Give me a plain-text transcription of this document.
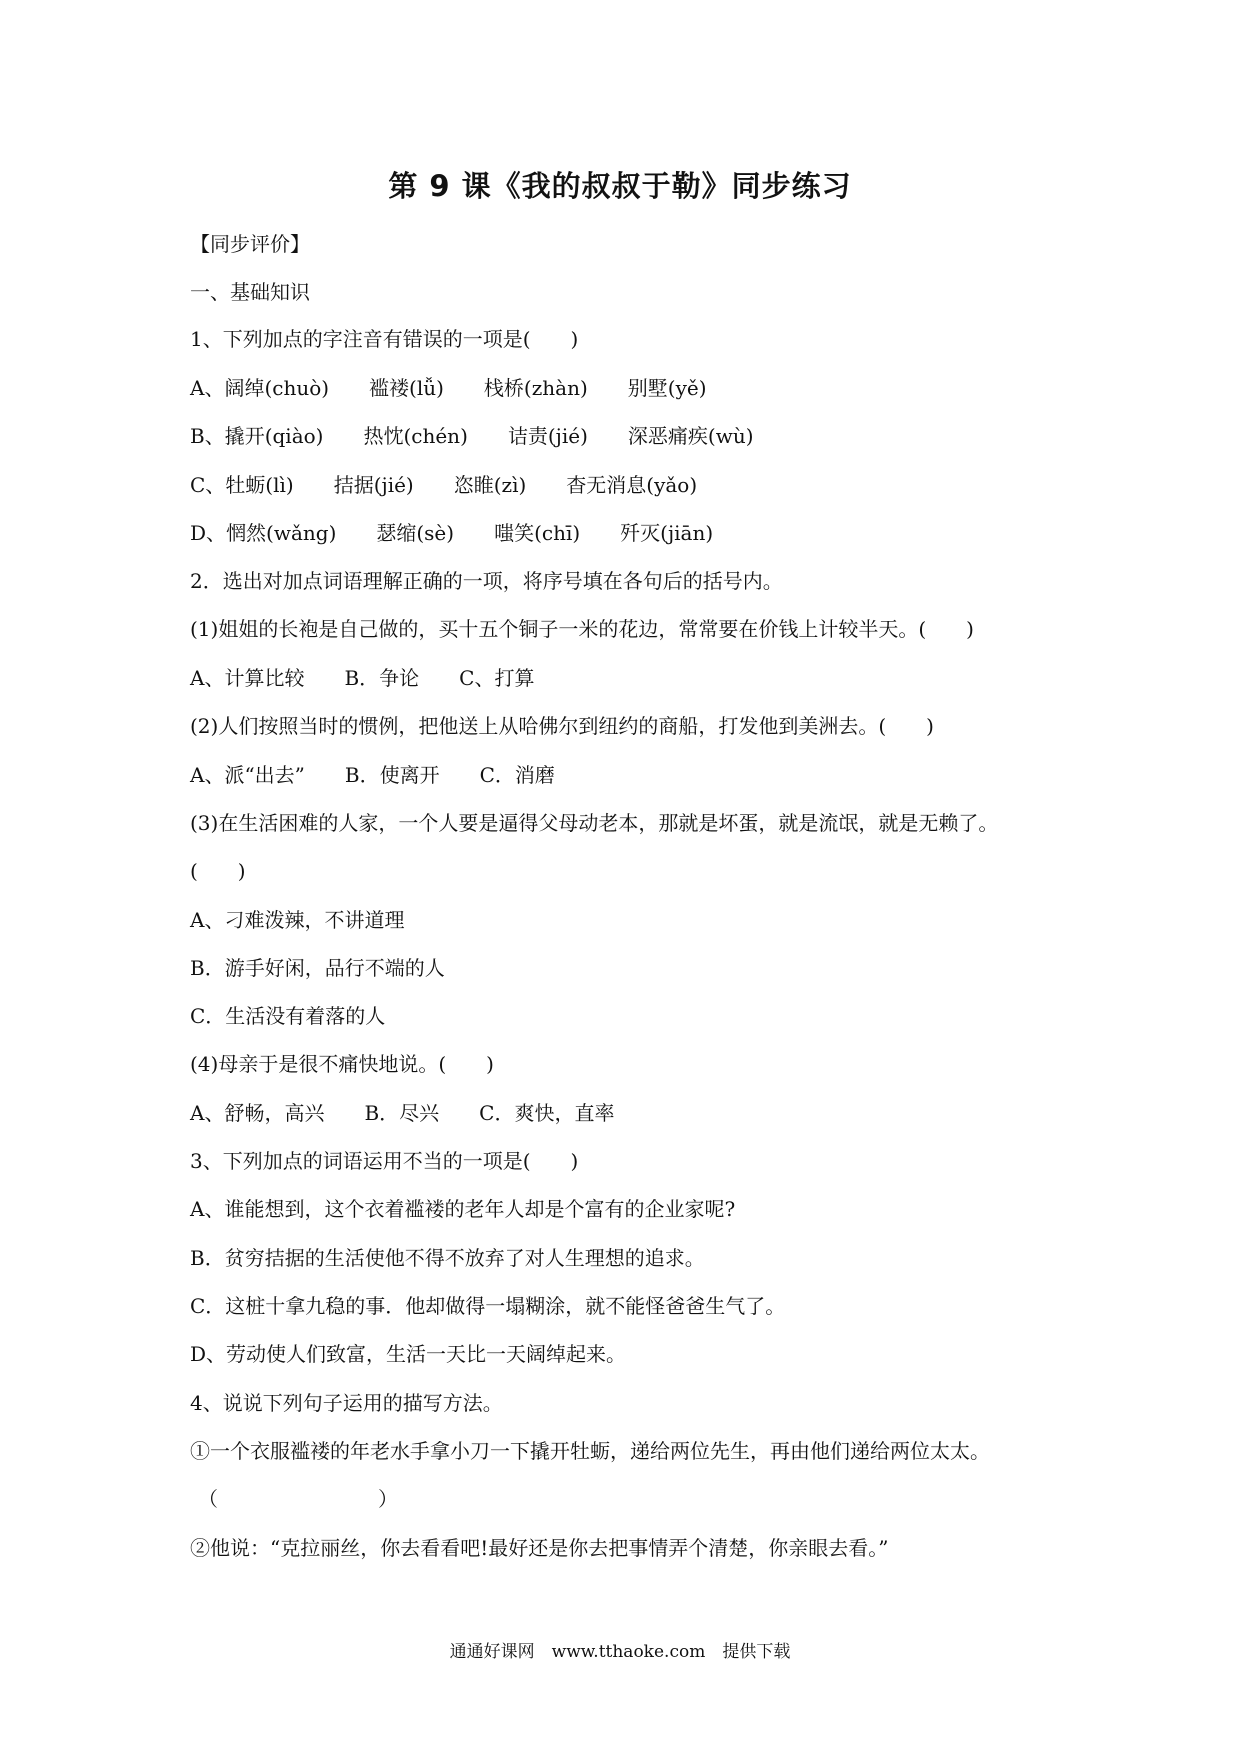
第 9 课《我的叔叔于勒》同步练习

【同步评价】

一、基础知识

1、下列加点的字注音有错误的一项是(　　)

A、阔绰(chuò)　　褴褛(lǚ)　　栈桥(zhàn)　　别墅(yě)

B、撬开(qiào)　　热忱(chén)　　诘责(jié)　　深恶痛疾(wù)

C、牡蛎(lì)　　拮据(jié)　　恣睢(zì)　　杳无消息(yǎo)

D、惘然(wǎng)　　瑟缩(sè)　　嗤笑(chī)　　歼灭(jiān)

2．选出对加点词语理解正确的一项，将序号填在各句后的括号内。

(1)姐姐的长袍是自己做的，买十五个铜子一米的花边，常常要在价钱上计较半天。(　　)

A、计算比较　　B．争论　　C、打算

(2)人们按照当时的惯例，把他送上从哈佛尔到纽约的商船，打发他到美洲去。(　　)

A、派“出去”　　B．使离开　　C．消磨

(3)在生活困难的人家，一个人要是逼得父母动老本，那就是坏蛋，就是流氓，就是无赖了。

(　　)

A、刁难泼辣，不讲道理

B．游手好闲，品行不端的人

C．生活没有着落的人

(4)母亲于是很不痛快地说。(　　)

A、舒畅，高兴　　B．尽兴　　C．爽快，直率

3、下列加点的词语运用不当的一项是(　　)

A、谁能想到，这个衣着褴褛的老年人却是个富有的企业家呢?

B．贫穷拮据的生活使他不得不放弃了对人生理想的追求。

C．这桩十拿九稳的事．他却做得一塌糊涂，就不能怪爸爸生气了。

D、劳动使人们致富，生活一天比一天阔绰起来。

4、说说下列句子运用的描写方法。

①一个衣服褴褛的年老水手拿小刀一下撬开牡蛎，递给两位先生，再由他们递给两位太太。

（　　　　　　　　）

②他说：“克拉丽丝，你去看看吧!最好还是你去把事情弄个清楚，你亲眼去看。”

通通好课网　www.tthaoke.com　提供下载
